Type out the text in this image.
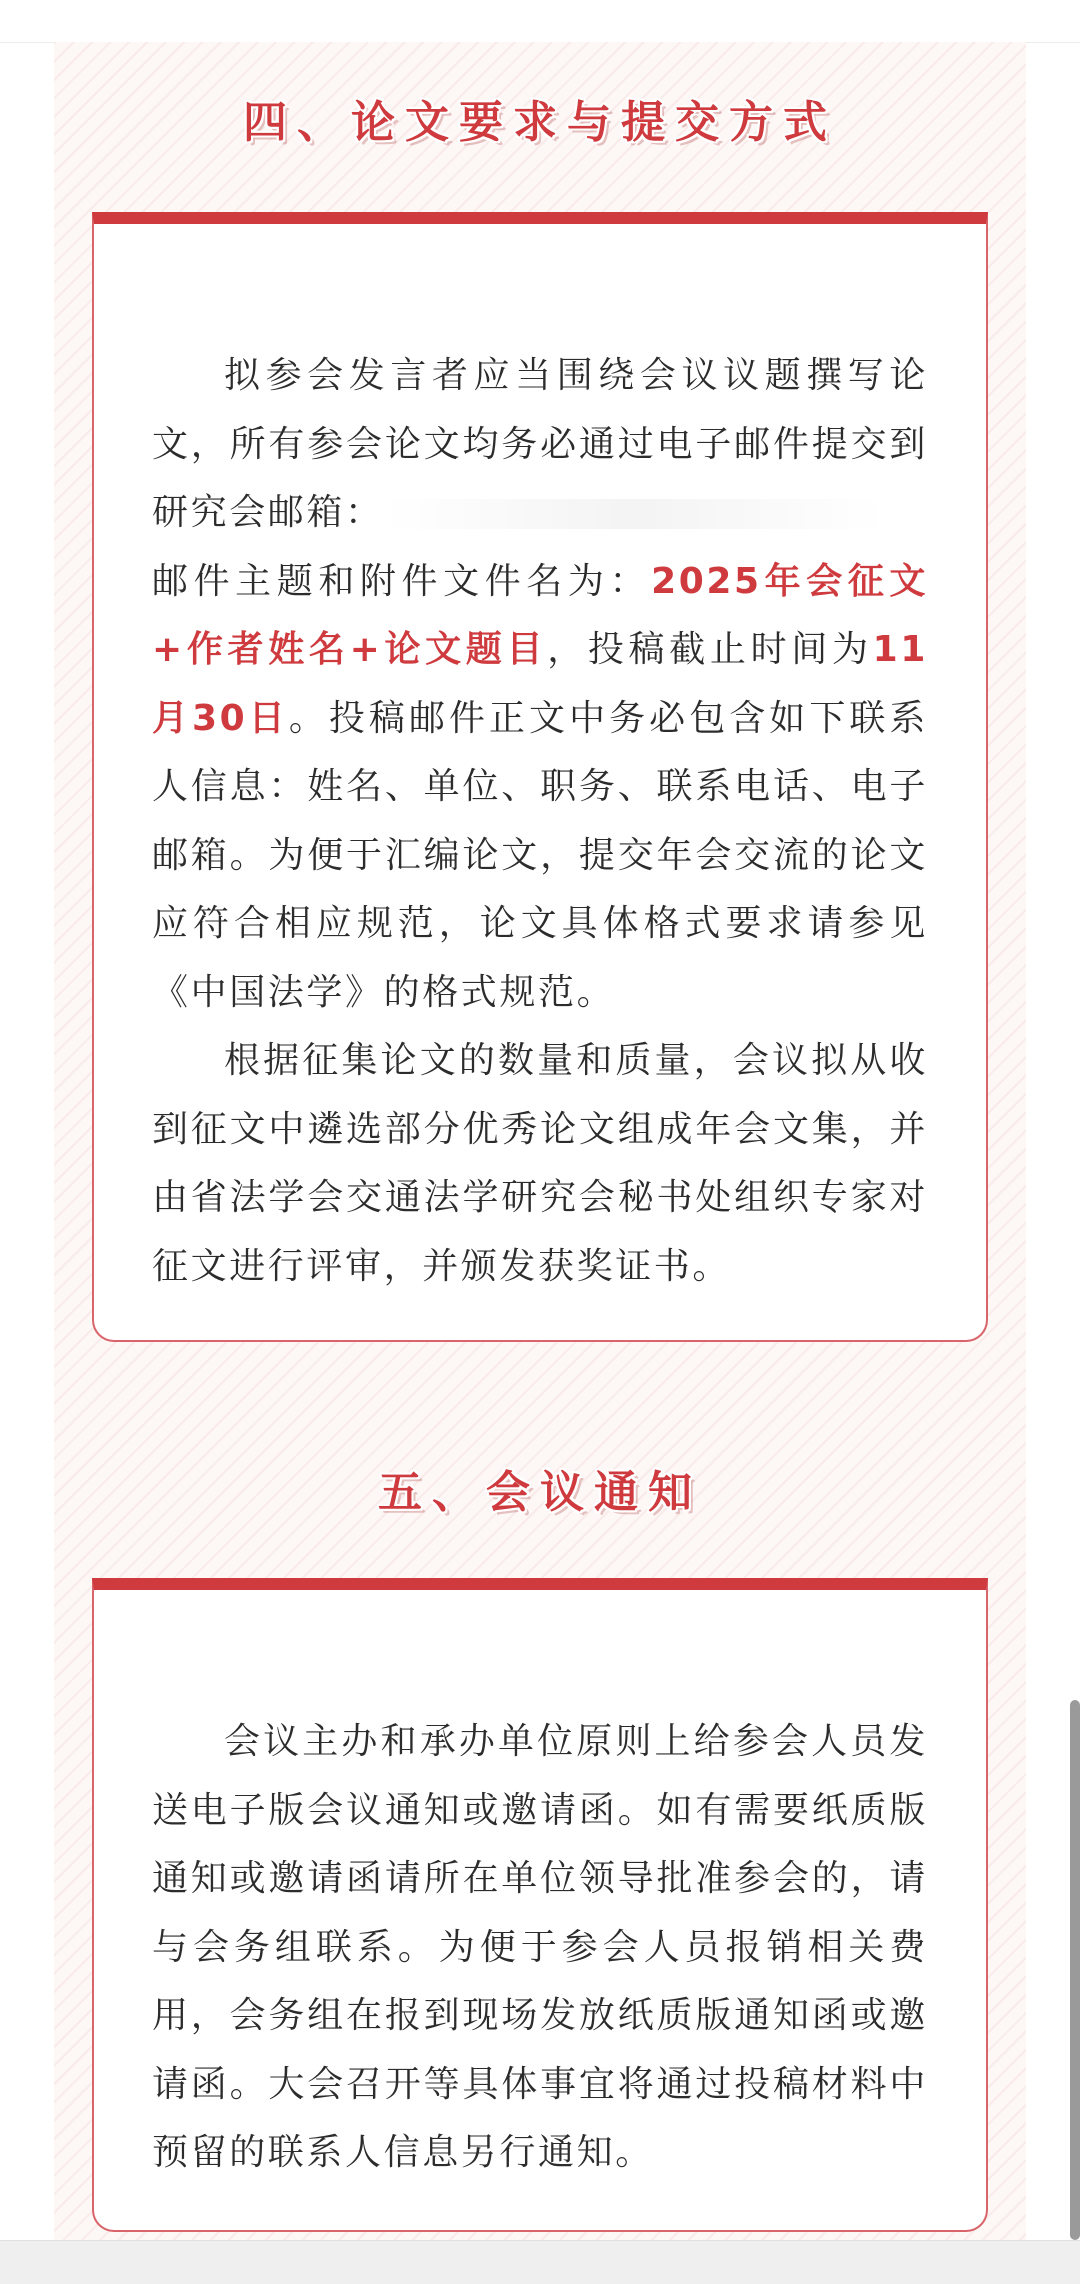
四、论文要求与提交方式

拟参会发言者应当围绕会议议题撰写论文，所有参会论文均务必通过电子邮件提交到研究会邮箱：
邮件主题和附件文件名为：2025年会征文+作者姓名+论文题目，投稿截止时间为11月30日。投稿邮件正文中务必包含如下联系人信息：姓名、单位、职务、联系电话、电子邮箱。为便于汇编论文，提交年会交流的论文应符合相应规范，论文具体格式要求请参见《中国法学》的格式规范。

根据征集论文的数量和质量，会议拟从收到征文中遴选部分优秀论文组成年会文集，并由省法学会交通法学研究会秘书处组织专家对征文进行评审，并颁发获奖证书。

五、会议通知

会议主办和承办单位原则上给参会人员发送电子版会议通知或邀请函。如有需要纸质版通知或邀请函请所在单位领导批准参会的，请与会务组联系。为便于参会人员报销相关费用，会务组在报到现场发放纸质版通知函或邀请函。大会召开等具体事宜将通过投稿材料中预留的联系人信息另行通知。
